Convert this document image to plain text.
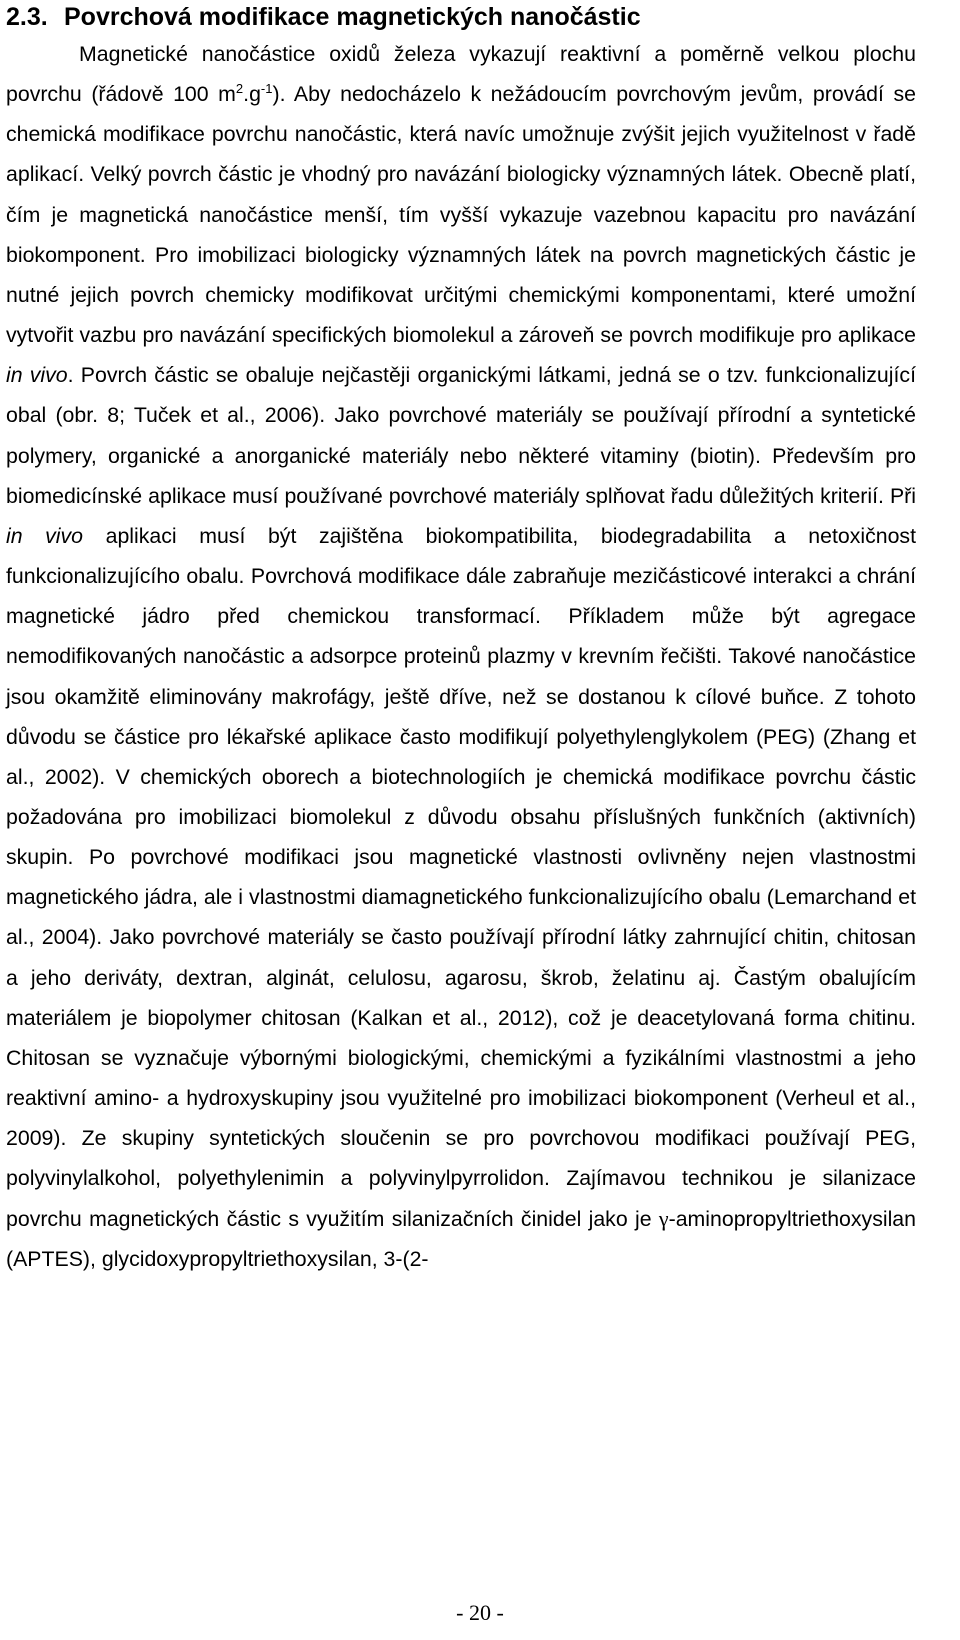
2.3. Povrchová modifikace magnetických nanočástic

Magnetické nanočástice oxidů železa vykazují reaktivní a poměrně velkou plochu povrchu (řádově 100 $m^2.g^{-1}$). Aby nedocházelo k nežádoucím povrchovým jevům, provádí se chemická modifikace povrchu nanočástic, která navíc umožnuje zvýšit jejich využitelnost v řadě aplikací. Velký povrch částic je vhodný pro navázání biologicky významných látek. Obecně platí, čím je magnetická nanočástice menší, tím vyšší vykazuje vazebnou kapacitu pro navázání biokomponent. Pro imobilizaci biologicky významných látek na povrch magnetických částic je nutné jejich povrch chemicky modifikovat určitými chemickými komponentami, které umožní vytvořit vazbu pro navázání specifických biomolekul a zároveň se povrch modifikuje pro aplikace in vivo. Povrch částic se obaluje nejčastěji organickými látkami, jedná se o tzv. funkcionalizující obal (obr. 8; Tuček et al., 2006). Jako povrchové materiály se používají přírodní a syntetické polymery, organické a anorganické materiály nebo některé vitaminy (biotin). Především pro biomedicínské aplikace musí používané povrchové materiály splňovat řadu důležitých kriterií. Při in vivo aplikaci musí být zajištěna biokompatibilita, biodegradabilita a netoxičnost funkcionalizujícího obalu. Povrchová modifikace dále zabraňuje mezičásticové interakci a chrání magnetické jádro před chemickou transformací. Příkladem může být agregace nemodifikovaných nanočástic a adsorpce proteinů plazmy v krevním řečišti. Takové nanočástice jsou okamžitě eliminovány makrofágy, ještě dříve, než se dostanou k cílové buňce. Z tohoto důvodu se částice pro lékařské aplikace často modifikují polyethylenglykolem (PEG) (Zhang et al., 2002). V chemických oborech a biotechnologiích je chemická modifikace povrchu částic požadována pro imobilizaci biomolekul z důvodu obsahu příslušných funkčních (aktivních) skupin. Po povrchové modifikaci jsou magnetické vlastnosti ovlivněny nejen vlastnostmi magnetického jádra, ale i vlastnostmi diamagnetického funkcionalizujícího obalu (Lemarchand et al., 2004). Jako povrchové materiály se často používají přírodní látky zahrnující chitin, chitosan a jeho deriváty, dextran, alginát, celulosu, agarosu, škrob, želatinu aj. Častým obalujícím materiálem je biopolymer chitosan (Kalkan et al., 2012), což je deacetylovaná forma chitinu. Chitosan se vyznačuje výbornými biologickými, chemickými a fyzikálními vlastnostmi a jeho reaktivní amino- a hydroxyskupiny jsou využitelné pro imobilizaci biokomponent (Verheul et al., 2009). Ze skupiny syntetických sloučenin se pro povrchovou modifikaci používají PEG, polyvinylalkohol, polyethylenimin a polyvinylpyrrolidon. Zajímavou technikou je silanizace povrchu magnetických částic s využitím silanizačních činidel jako je γ-aminopropyltriethoxysilan (APTES), glycidoxypropyltriethoxysilan, 3-(2-

- 20 -
